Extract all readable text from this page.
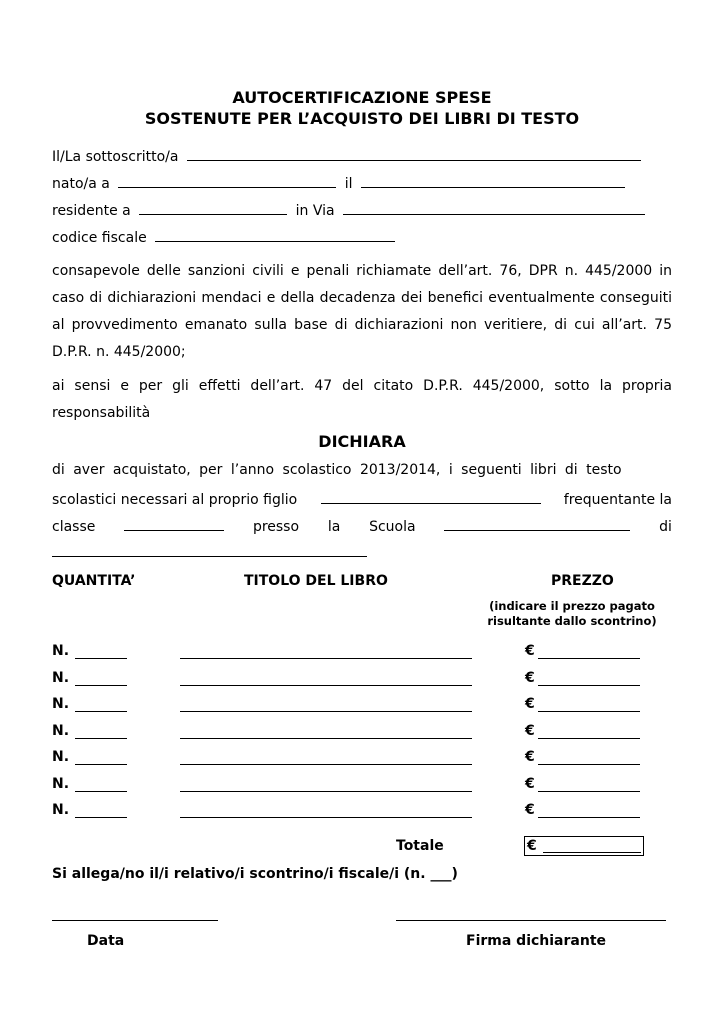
AUTOCERTIFICAZIONE SPESE
SOSTENUTE PER L’ACQUISTO DEI LIBRI DI TESTO
Il/La sottoscritto/a
nato/a a	il
residente a	in Via
codice fiscale
consapevole delle sanzioni civili e penali richiamate dell’art. 76, DPR n. 445/2000 in caso di dichiarazioni mendaci e della decadenza dei benefici eventualmente conseguiti al provvedimento emanato sulla base di dichiarazioni non veritiere, di cui all’art. 75 D.P.R. n. 445/2000;
ai sensi e per gli effetti dell’art. 47 del citato D.P.R. 445/2000, sotto la propria responsabilità
DICHIARA
di aver acquistato, per l’anno scolastico 2013/2014, i seguenti libri di testo
scolastici necessari al proprio figlio	frequentante la
classe	presso la Scuola	di
QUANTITA’	TITOLO DEL LIBRO	PREZZO
(indicare il prezzo pagato
risultante dallo scontrino)
N.	€
N.	€
N.	€
N.	€
N.	€
N.	€
N.	€
Totale	€
Si allega/no il/i relativo/i scontrino/i fiscale/i (n. ___)
Data	Firma dichiarante
